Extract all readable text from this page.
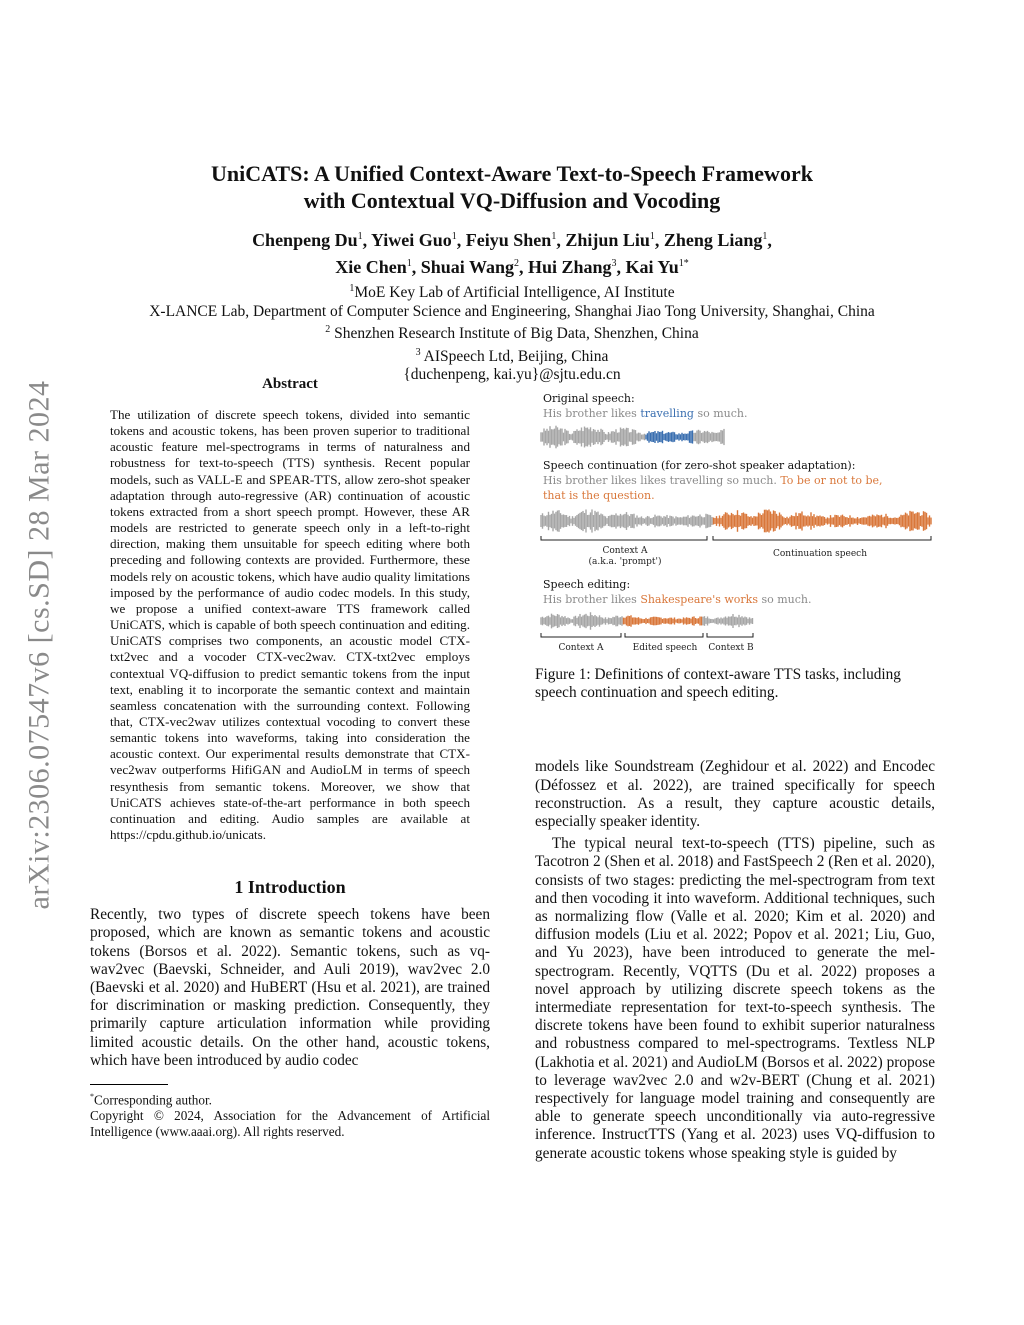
arXiv:2306.07547v6 [cs.SD] 28 Mar 2024
UniCATS: A Unified Context-Aware Text-to-Speech Framework
with Contextual VQ-Diffusion and Vocoding
Chenpeng Du$^1$, Yiwei Guo$^1$, Feiyu Shen$^1$, Zhijun Liu$^1$, Zheng Liang$^1$,
Xie Chen$^1$, Shuai Wang$^2$, Hui Zhang$^3$, Kai $Yu^{1*}$
$^1$MoE Key Lab of Artificial Intelligence, AI Institute
X-LANCE Lab, Department of Computer Science and Engineering, Shanghai Jiao Tong University, Shanghai, China
$^2$ Shenzhen Research Institute of Big Data, Shenzhen, China
$^3$ AISpeech Ltd, Beijing, China
{duchenpeng, kai.yu}@sjtu.edu.cn
Abstract

The utilization of discrete speech tokens, divided into semantic tokens and acoustic tokens, has been proven superior to traditional acoustic feature mel-spectrograms in terms of naturalness and robustness for text-to-speech (TTS) synthesis. Recent popular models, such as VALL-E and SPEAR-TTS, allow zero-shot speaker adaptation through auto-regressive (AR) continuation of acoustic tokens extracted from a short speech prompt. However, these AR models are restricted to generate speech only in a left-to-right direction, making them unsuitable for speech editing where both preceding and following contexts are provided. Furthermore, these models rely on acoustic tokens, which have audio quality limitations imposed by the performance of audio codec models. In this study, we propose a unified context-aware TTS framework called UniCATS, which is capable of both speech continuation and editing. UniCATS comprises two components, an acoustic model CTX-txt2vec and a vocoder CTX-vec2wav. CTX-txt2vec employs contextual VQ-diffusion to predict semantic tokens from the input text, enabling it to incorporate the semantic context and maintain seamless concatenation with the surrounding context. Following that, CTX-vec2wav utilizes contextual vocoding to convert these semantic tokens into waveforms, taking into consideration the acoustic context. Our experimental results demonstrate that CTX-vec2wav outperforms HifiGAN and AudioLM in terms of speech resynthesis from semantic tokens. Moreover, we show that UniCATS achieves state-of-the-art performance in both speech continuation and editing. Audio samples are available at https://cpdu.github.io/unicats.

1 Introduction

Recently, two types of discrete speech tokens have been proposed, which are known as semantic tokens and acoustic tokens (Borsos et al. 2022). Semantic tokens, such as vq-wav2vec (Baevski, Schneider, and Auli 2019), wav2vec 2.0 (Baevski et al. 2020) and HuBERT (Hsu et al. 2021), are trained for discrimination or masking prediction. Consequently, they primarily capture articulation information while providing limited acoustic details. On the other hand, acoustic tokens, which have been introduced by audio codec

*Corresponding author.

Copyright © 2024, Association for the Advancement of Artificial Intelligence (www.aaai.org). All rights reserved.

Original speech:
His brother likes travelling so much.
Speech continuation (for zero-shot speaker adaptation):
His brother likes likes travelling so much. To be or not to be, that is the question.
Context A
(a.k.a. 'prompt')
Continuation speech
Speech editing:
His brother likes Shakespeare's works so much.
Context A	Edited speech	Context B

Figure 1: Definitions of context-aware TTS tasks, including speech continuation and speech editing.

models like Soundstream (Zeghidour et al. 2022) and Encodec (Défossez et al. 2022), are trained specifically for speech reconstruction. As a result, they capture acoustic details, especially speaker identity.

The typical neural text-to-speech (TTS) pipeline, such as Tacotron 2 (Shen et al. 2018) and FastSpeech 2 (Ren et al. 2020), consists of two stages: predicting the mel-spectrogram from text and then vocoding it into waveform. Additional techniques, such as normalizing flow (Valle et al. 2020; Kim et al. 2020) and diffusion models (Liu et al. 2022; Popov et al. 2021; Liu, Guo, and Yu 2023), have been introduced to generate the mel-spectrogram. Recently, VQTTS (Du et al. 2022) proposes a novel approach by utilizing discrete speech tokens as the intermediate representation for text-to-speech synthesis. The discrete tokens have been found to exhibit superior naturalness and robustness compared to mel-spectrograms. Textless NLP (Lakhotia et al. 2021) and AudioLM (Borsos et al. 2022) propose to leverage wav2vec 2.0 and w2v-BERT (Chung et al. 2021) respectively for language model training and consequently are able to generate speech unconditionally via auto-regressive inference. InstructTTS (Yang et al. 2023) uses VQ-diffusion to generate acoustic tokens whose speaking style is guided by
